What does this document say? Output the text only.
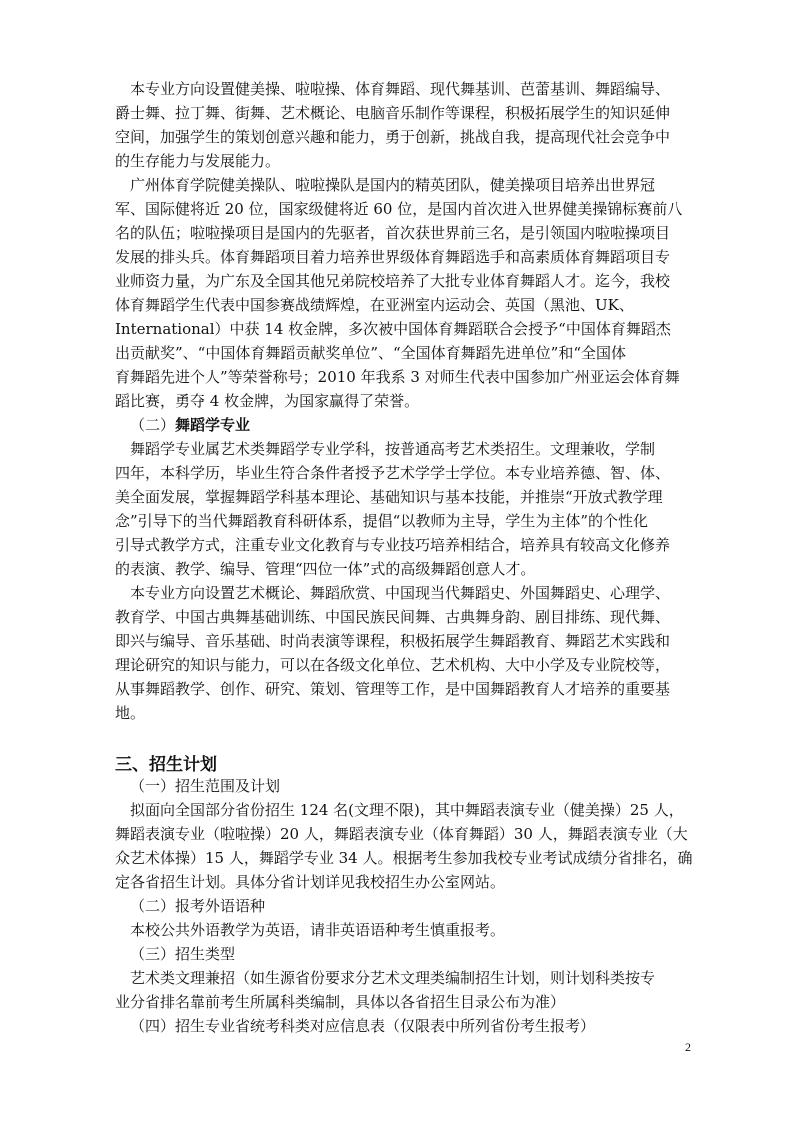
本专业方向设置健美操、啦啦操、体育舞蹈、现代舞基训、芭蕾基训、舞蹈编导、
爵士舞、拉丁舞、街舞、艺术概论、电脑音乐制作等课程，积极拓展学生的知识延伸
空间，加强学生的策划创意兴趣和能力，勇于创新，挑战自我，提高现代社会竞争中
的生存能力与发展能力。
广州体育学院健美操队、啦啦操队是国内的精英团队，健美操项目培养出世界冠
军、国际健将近 20 位，国家级健将近 60 位，是国内首次进入世界健美操锦标赛前八
名的队伍；啦啦操项目是国内的先驱者，首次获世界前三名，是引领国内啦啦操项目
发展的排头兵。体育舞蹈项目着力培养世界级体育舞蹈选手和高素质体育舞蹈项目专
业师资力量，为广东及全国其他兄弟院校培养了大批专业体育舞蹈人才。迄今，我校
体育舞蹈学生代表中国参赛战绩辉煌，在亚洲室内运动会、英国（黑池、UK、
International）中获 14 枚金牌，多次被中国体育舞蹈联合会授予“中国体育舞蹈杰
出贡献奖”、“中国体育舞蹈贡献奖单位”、“全国体育舞蹈先进单位”和“全国体
育舞蹈先进个人”等荣誉称号；2010 年我系 3 对师生代表中国参加广州亚运会体育舞
蹈比赛，勇夺 4 枚金牌，为国家赢得了荣誉。
（二）舞蹈学专业
舞蹈学专业属艺术类舞蹈学专业学科，按普通高考艺术类招生。文理兼收，学制
四年，本科学历，毕业生符合条件者授予艺术学学士学位。本专业培养德、智、体、
美全面发展，掌握舞蹈学科基本理论、基础知识与基本技能，并推崇“开放式教学理
念”引导下的当代舞蹈教育科研体系，提倡“以教师为主导，学生为主体”的个性化
引导式教学方式，注重专业文化教育与专业技巧培养相结合，培养具有较高文化修养
的表演、教学、编导、管理“四位一体”式的高级舞蹈创意人才。
本专业方向设置艺术概论、舞蹈欣赏、中国现当代舞蹈史、外国舞蹈史、心理学、
教育学、中国古典舞基础训练、中国民族民间舞、古典舞身韵、剧目排练、现代舞、
即兴与编导、音乐基础、时尚表演等课程，积极拓展学生舞蹈教育、舞蹈艺术实践和
理论研究的知识与能力，可以在各级文化单位、艺术机构、大中小学及专业院校等，
从事舞蹈教学、创作、研究、策划、管理等工作，是中国舞蹈教育人才培养的重要基
地。
三、招生计划
（一）招生范围及计划
拟面向全国部分省份招生 124 名(文理不限)，其中舞蹈表演专业（健美操）25 人，
舞蹈表演专业（啦啦操）20 人，舞蹈表演专业（体育舞蹈）30 人，舞蹈表演专业（大
众艺术体操）15 人，舞蹈学专业 34 人。根据考生参加我校专业考试成绩分省排名，确
定各省招生计划。具体分省计划详见我校招生办公室网站。
（二）报考外语语种
本校公共外语教学为英语，请非英语语种考生慎重报考。
（三）招生类型
艺术类文理兼招（如生源省份要求分艺术文理类编制招生计划，则计划科类按专
业分省排名靠前考生所属科类编制，具体以各省招生目录公布为准）
（四）招生专业省统考科类对应信息表（仅限表中所列省份考生报考）
2
